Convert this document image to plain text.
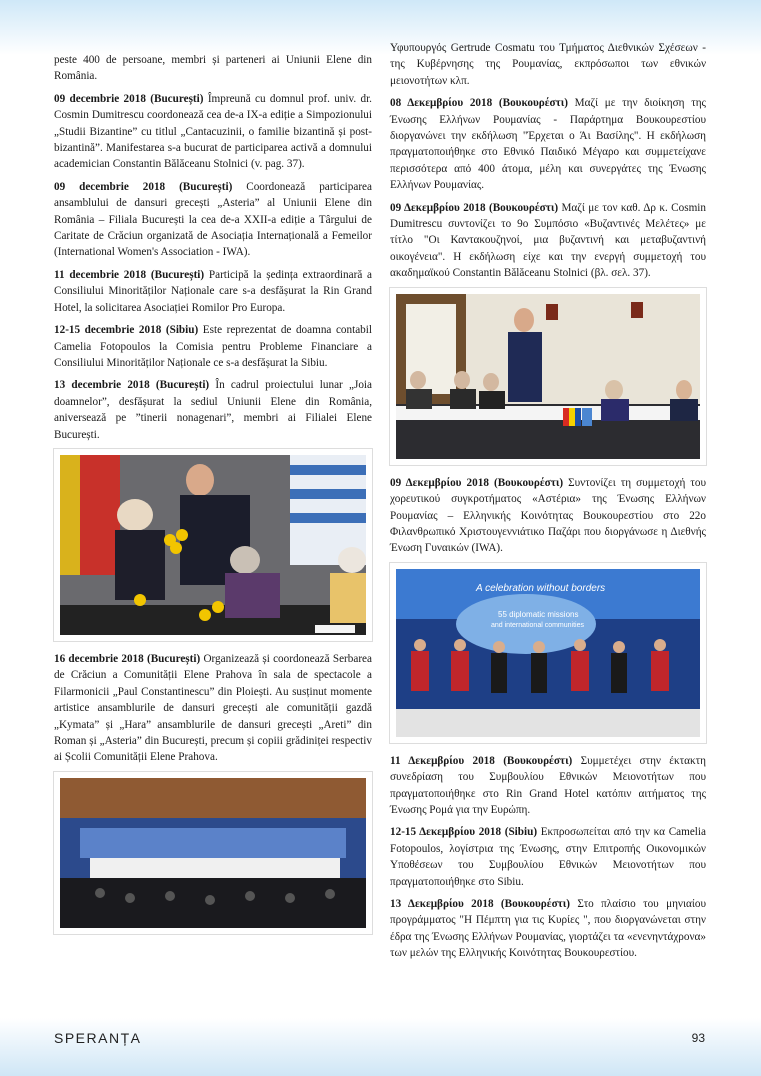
peste 400 de persoane, membri și parteneri ai Uniunii Elene din România.

09 decembrie 2018 (București) Împreună cu domnul prof. univ. dr. Cosmin Dumitrescu coordonează cea de-a IX-a ediție a Simpozionului „Studii Bizantine” cu titlul „Cantacuzinii, o familie bizantină și post-bizantină”. Manifestarea s-a bucurat de participarea activă a domnului academician Constantin Bălăceanu Stolnici (v. pag. 37).

09 decembrie 2018 (București) Coordonează participarea ansamblului de dansuri grecești „Asteria” al Uniunii Elene din România – Filiala București la cea de-a XXII-a ediție a Târgului de Caritate de Crăciun organizată de Asociația Internațională a Femeilor (International Women's Association - IWA).

11 decembrie 2018 (București) Participă la ședința extraordinară a Consiliului Minorităților Naționale care s-a desfășurat la Rin Grand Hotel, la solicitarea Asociației Romilor Pro Europa.

12-15 decembrie 2018 (Sibiu) Este reprezentat de doamna contabil Camelia Fotopoulos la Comisia pentru Probleme Financiare a Consiliului Minorităților Naționale ce s-a desfășurat la Sibiu.

13 decembrie 2018 (București) În cadrul proiectului lunar „Joia doamnelor”, desfășurat la sediul Uniunii Elene din România, aniversează pe ”tinerii nonagenari”, membri ai Filialei Elene București.

16 decembrie 2018 (București) Organizează și coordonează Serbarea de Crăciun a Comunității Elene Prahova în sala de spectacole a Filarmonicii „Paul Constantinescu” din Ploiești. Au susținut momente artistice ansamblurile de dansuri grecești ale comunității gazdă „Kymata” și „Hara” ansamblurile de dansuri grecești „Areti” din Roman și „Asteria” din București, precum și copiii grădiniței respectiv ai Școlii Comunității Elene Prahova.

Υφυπουργός Gertrude Cosmatu του Τμήματος Διεθνικών Σχέσεων - της Κυβέρνησης της Ρουμανίας, εκπρόσωποι των εθνικών μειονοτήτων κλπ.

08 Δεκεμβρίου 2018 (Βουκουρέστι) Μαζί με την διοίκηση της Ένωσης Ελλήνων Ρουμανίας - Παράρτημα Βουκουρεστίου διοργανώνει την εκδήλωση "Έρχεται ο Άι Βασίλης". Η εκδήλωση πραγματοποιήθηκε στο Εθνικό Παιδικό Μέγαρο και συμμετείχανε περισσότερα από 400 άτομα, μέλη και συνεργάτες της Ένωσης Ελλήνων Ρουμανίας.

09 Δεκεμβρίου 2018 (Βουκουρέστι) Μαζί με τον καθ. Δρ κ. Cosmin Dumitrescu συντονίζει το 9ο Συμπόσιο «Βυζαντινές Μελέτες» με τίτλο "Οι Καντακουζηνοί, μια βυζαντινή και μεταβυζαντινή οικογένεια". Η εκδήλωση είχε και την ενεργή συμμετοχή του ακαδημαϊκού Constantin Bălăceanu Stolnici (βλ. σελ. 37).

09 Δεκεμβρίου 2018 (Βουκουρέστι) Συντονίζει τη συμμετοχή του χορευτικού συγκροτήματος «Αστέρια» της Ένωσης Ελλήνων Ρουμανίας – Ελληνικής Κοινότητας Βουκουρεστίου στο 22ο Φιλανθρωπικό Χριστουγεννιάτικο Παζάρι που διοργάνωσε η Διεθνής Ένωση Γυναικών (IWA).

A celebration without borders
55 diplomatic missions
and international communities

11 Δεκεμβρίου 2018 (Βουκουρέστι) Συμμετέχει στην έκτακτη συνεδρίαση του Συμβουλίου Εθνικών Μειονοτήτων που πραγματοποιήθηκε στο Rin Grand Hotel κατόπιν αιτήματος της Ένωσης Ρομά για την Ευρώπη.

12-15 Δεκεμβρίου 2018 (Sibiu) Εκπροσωπείται από την κα Camelia Fotopoulos, λογίστρια της Ένωσης, στην Επιτροπής Οικονομικών Υποθέσεων του Συμβουλίου Εθνικών Μειονοτήτων που πραγματοποιήθηκε στο Sibiu.

13 Δεκεμβρίου 2018 (Βουκουρέστι) Στο πλαίσιο του μηνιαίου προγράμματος "Η Πέμπτη για τις Κυρίες ", που διοργανώνεται στην έδρα της Ένωσης Ελλήνων Ρουμανίας, γιορτάζει τα «ενενηντάχρονα» των μελών της Ελληνικής Κοινότητας Βουκουρεστίου.

SPERANȚA	93
